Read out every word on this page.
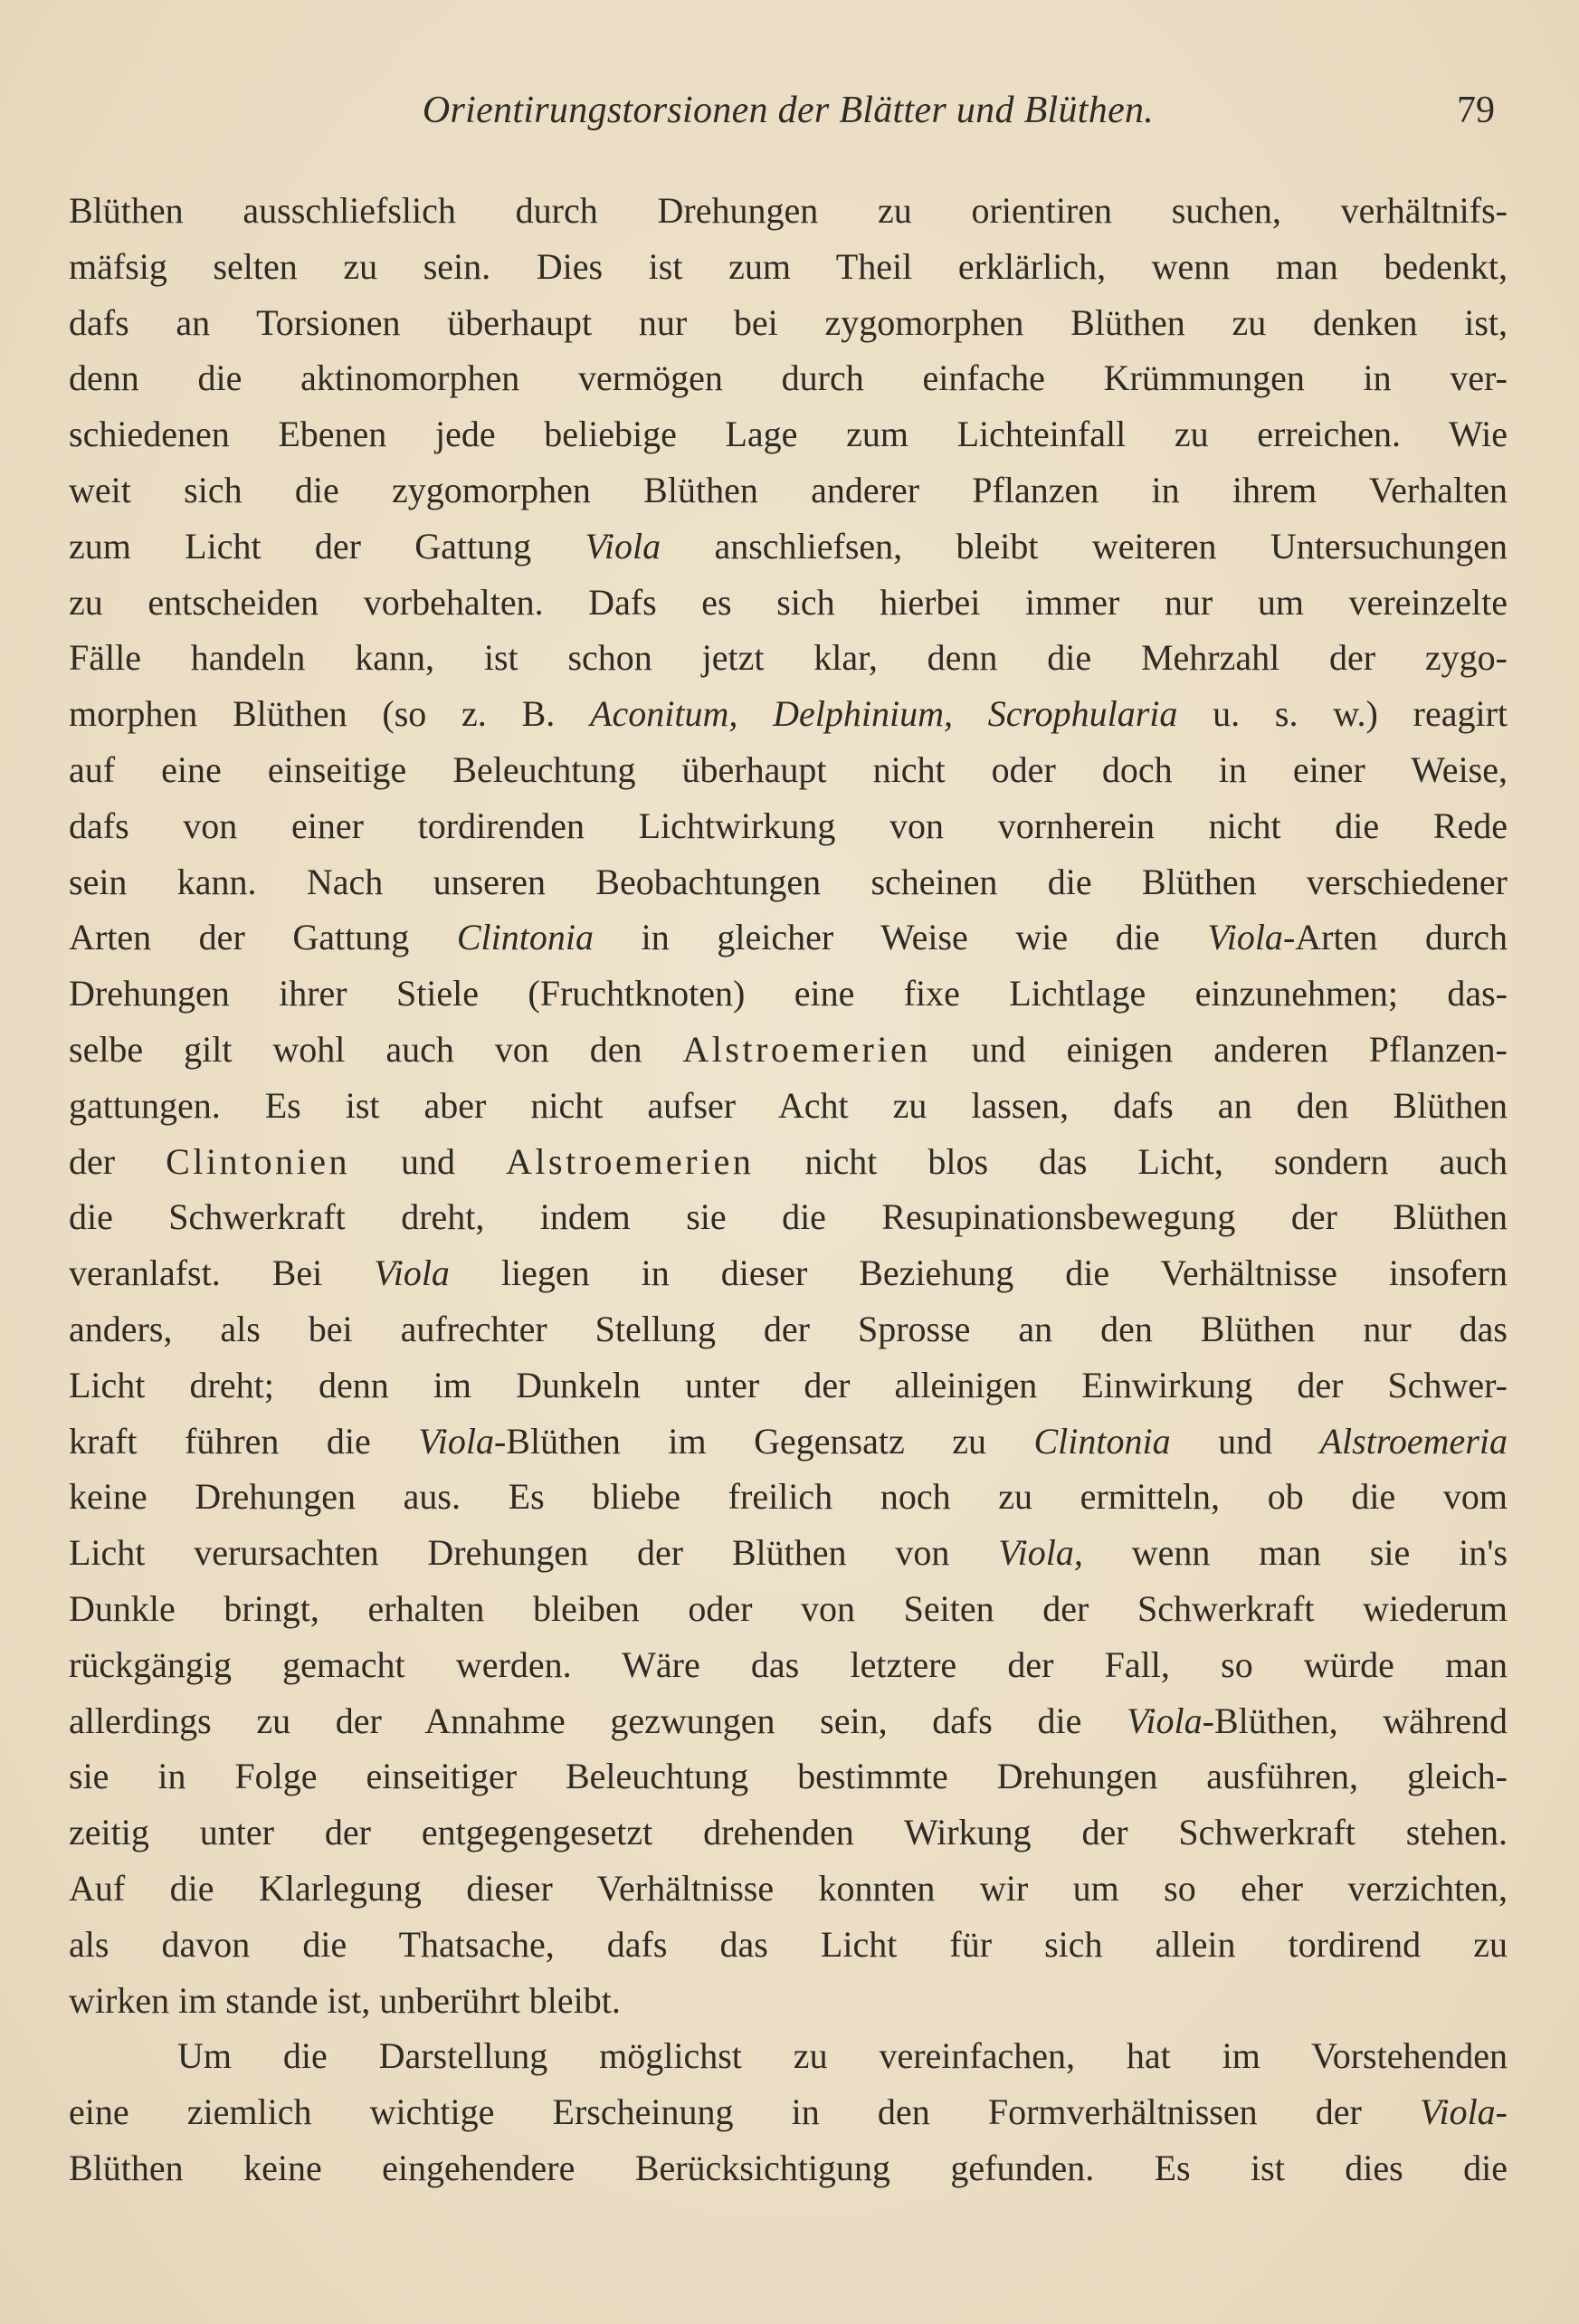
Orientirungstorsionen der Blätter und Blüthen.	79
Blüthen ausschliefslich durch Drehungen zu orientiren suchen, verhältnifs-
mäfsig selten zu sein. Dies ist zum Theil erklärlich, wenn man bedenkt,
dafs an Torsionen überhaupt nur bei zygomorphen Blüthen zu denken ist,
denn die aktinomorphen vermögen durch einfache Krümmungen in ver-
schiedenen Ebenen jede beliebige Lage zum Lichteinfall zu erreichen. Wie
weit sich die zygomorphen Blüthen anderer Pflanzen in ihrem Verhalten
zum Licht der Gattung Viola anschliefsen, bleibt weiteren Untersuchungen
zu entscheiden vorbehalten. Dafs es sich hierbei immer nur um vereinzelte
Fälle handeln kann, ist schon jetzt klar, denn die Mehrzahl der zygo-
morphen Blüthen (so z. B. Aconitum, Delphinium, Scrophularia u. s. w.) reagirt
auf eine einseitige Beleuchtung überhaupt nicht oder doch in einer Weise,
dafs von einer tordirenden Lichtwirkung von vornherein nicht die Rede
sein kann. Nach unseren Beobachtungen scheinen die Blüthen verschiedener
Arten der Gattung Clintonia in gleicher Weise wie die Viola-Arten durch
Drehungen ihrer Stiele (Fruchtknoten) eine fixe Lichtlage einzunehmen; das-
selbe gilt wohl auch von den Alstroemerien und einigen anderen Pflanzen-
gattungen. Es ist aber nicht aufser Acht zu lassen, dafs an den Blüthen
der Clintonien und Alstroemerien nicht blos das Licht, sondern auch
die Schwerkraft dreht, indem sie die Resupinationsbewegung der Blüthen
veranlafst. Bei Viola liegen in dieser Beziehung die Verhältnisse insofern
anders, als bei aufrechter Stellung der Sprosse an den Blüthen nur das
Licht dreht; denn im Dunkeln unter der alleinigen Einwirkung der Schwer-
kraft führen die Viola-Blüthen im Gegensatz zu Clintonia und Alstroemeria
keine Drehungen aus. Es bliebe freilich noch zu ermitteln, ob die vom
Licht verursachten Drehungen der Blüthen von Viola, wenn man sie in's
Dunkle bringt, erhalten bleiben oder von Seiten der Schwerkraft wiederum
rückgängig gemacht werden. Wäre das letztere der Fall, so würde man
allerdings zu der Annahme gezwungen sein, dafs die Viola-Blüthen, während
sie in Folge einseitiger Beleuchtung bestimmte Drehungen ausführen, gleich-
zeitig unter der entgegengesetzt drehenden Wirkung der Schwerkraft stehen.
Auf die Klarlegung dieser Verhältnisse konnten wir um so eher verzichten,
als davon die Thatsache, dafs das Licht für sich allein tordirend zu
wirken im stande ist, unberührt bleibt.
Um die Darstellung möglichst zu vereinfachen, hat im Vorstehenden
eine ziemlich wichtige Erscheinung in den Formverhältnissen der Viola-
Blüthen keine eingehendere Berücksichtigung gefunden. Es ist dies die
